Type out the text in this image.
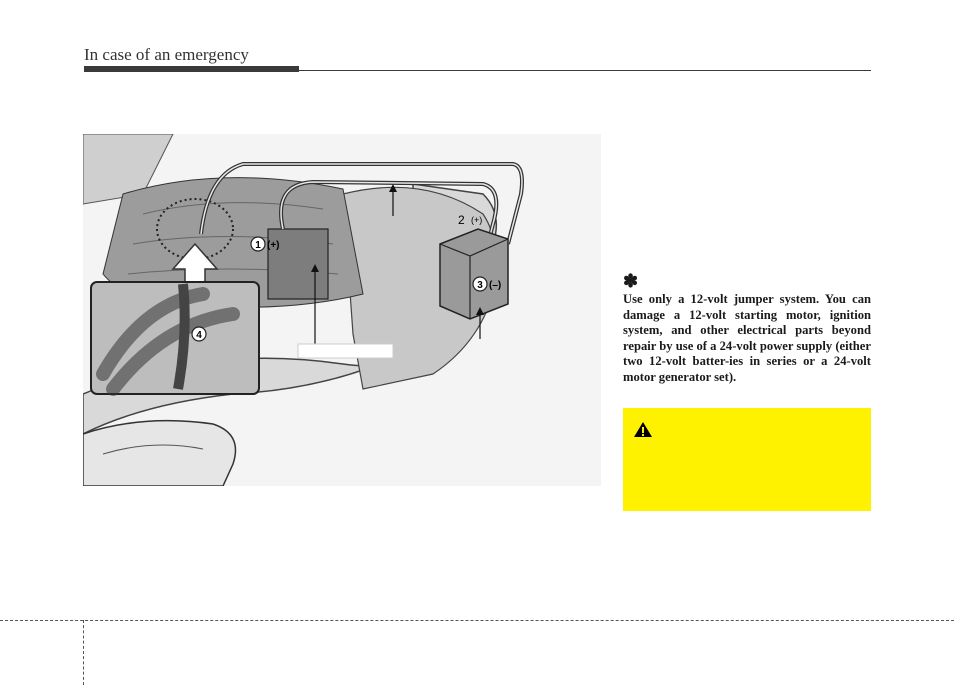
In case of an emergency
1 (+)
2 (+)
3 (–)
4
✽

Use only a 12-volt jumper system. You can damage a 12-volt starting motor, ignition system, and other electrical parts beyond repair by use of a 24-volt power supply (either two 12-volt batter-ies in series or a 24-volt motor generator set).
